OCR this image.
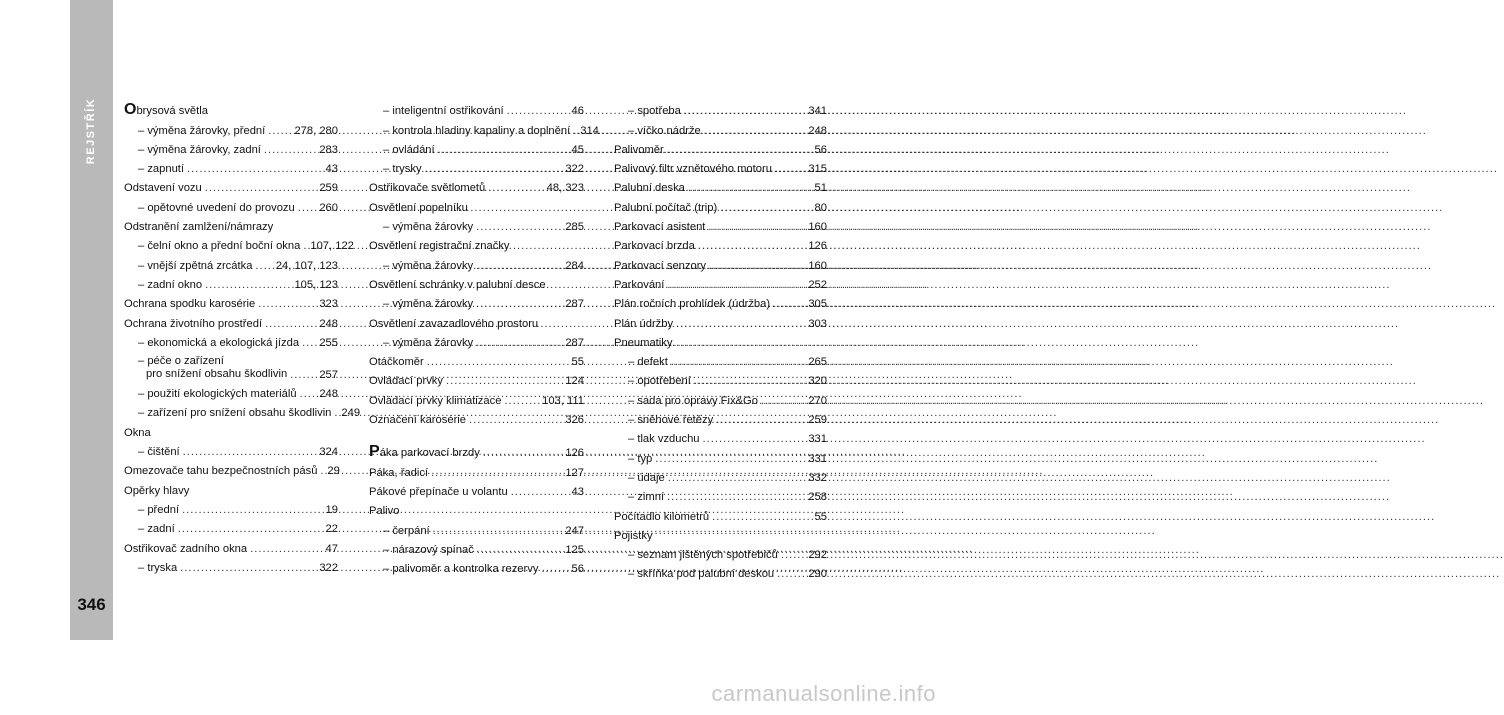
REJSTŘÍK
346
Obrysová světla
– výměna žárovky, přední .....	278, 280
– výměna žárovky, zadní .....	283
– zapnutí .....	43
Odstavení vozu .....	259
– opětovné uvedení do provozu ..... 260
Odstranění zamlžení/námrazy
– čelní okno a přední boční okna ..... 107, 122
– vnější zpětná zrcátka ..... 24, 107, 123
– zadní okno .....	105, 123
Ochrana spodku karosérie .....	323
Ochrana životního prostředí .....	248
– ekonomická a ekologická jízda ..... 255
– péče o zařízení
pro snížení obsahu škodlivin .....	257
– použití ekologických materiálů ..... 248
– zařízení pro snížení obsahu škodlivin ..... 249
Okna
– čištění .....	324
Omezovače tahu bezpečnostních pásů ..... 29
Opěrky hlavy
– přední .....	19
– zadní .....	22
Ostřikovač zadního okna .....	47
– tryska .....	322
– inteligentní ostřikování .....	46
– kontrola hladiny kapaliny a doplnění ..... 314
– ovládání .....	45
– trysky .....	322
Ostřikovače světlometů .....	48, 323
Osvětlení popelníku
– výměna žárovky .....	285
Osvětlení registrační značky
– výměna žárovky .....	284
Osvětlení schránky v palubní desce
– výměna žárovky .....	287
Osvětlení zavazadlového prostoru
– výměna žárovky .....	287
Otáčkoměr .....	55
Ovládací prvky .....	124
Ovládací prvky klimatizace .....	103, 111
Označení karosérie .....	326
Páka parkovací brzdy .....	126
Páka, řadicí .....	127
Pákové přepínače u volantu .....	43
Palivo
– čerpání .....	247
– nárazový spínač .....	125
– palivoměr a kontrolka rezervy .....	56
– spotřeba .....	341
– víčko nádrže .....	248
Palivoměr .....	56
Palivový filtr vznětového motoru .....	315
Palubní deska .....	51
Palubní počítač (trip) .....	80
Parkovací asistent .....	160
Parkovací brzda .....	126
Parkovací senzory .....	160
Parkování .....	252
Plán ročních prohlídek (údržba) .....	305
Plán údržby .....	303
Pneumatiky
– defekt .....	265
– opotřebení .....	320
– sada pro opravy Fix&Go .....	270
– sněhové řetězy .....	259
– tlak vzduchu .....	331
– typ .....	331
– údaje .....	332
– zimní .....	258
Počítadlo kilometrů .....	55
Pojistky
– seznam jištěných spotřebičů .....	292
– skříňka pod palubní deskou .....	290
carmanualsonline.info
